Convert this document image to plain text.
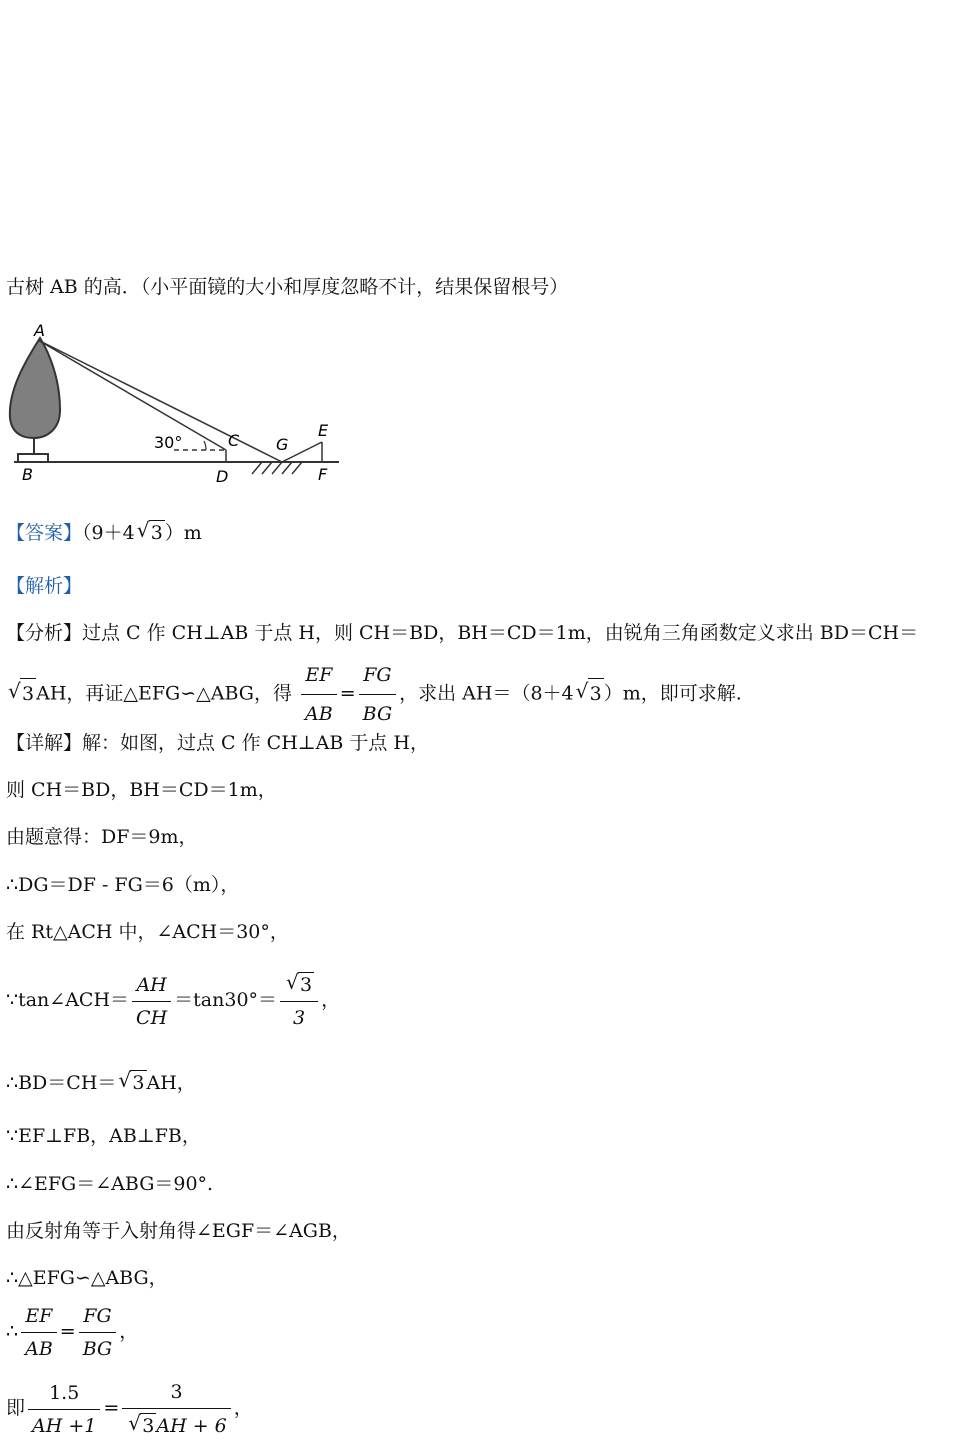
古树 AB 的高．（小平面镜的大小和厚度忽略不计，结果保留根号）
30°
A
B
C
D
G
E
F
【答案】（9＋4 √ 3 ）m
【解析】
【分析】过点 C 作 CH⊥AB 于点 H，则 CH＝BD，BH＝CD＝1m，由锐角三角函数定义求出 BD＝CH＝
√ 3 AH，再证△EFG∽△ABG，得 $\frac{EF}{AB} = \frac{FG}{BG}$ ，求出 AH＝（8＋4 √ 3 ）m，即可求解.
【详解】解：如图，过点 C 作 CH⊥AB 于点 H，
则 CH＝BD，BH＝CD＝1m，
由题意得：DF＝9m，
∴DG＝DF - FG＝6（m），
在 Rt△ACH 中，∠ACH＝30°，
∵tan∠ACH＝ $\frac{AH}{CH} =\tan 30^\circ= \frac{√ 3}{3}$ ，
∴BD＝CH＝ √ 3 AH，
∵EF⊥FB，AB⊥FB，
∴∠EFG＝∠ABG＝90°.
由反射角等于入射角得∠EGF＝∠AGB，
∴△EFG∽△ABG，
∴ $\frac{EF}{AB} = \frac{FG}{BG}$ ，
即 $\frac{1.5}{AH +1} = \frac{3}{√ 3 AH + 6}$ ，
